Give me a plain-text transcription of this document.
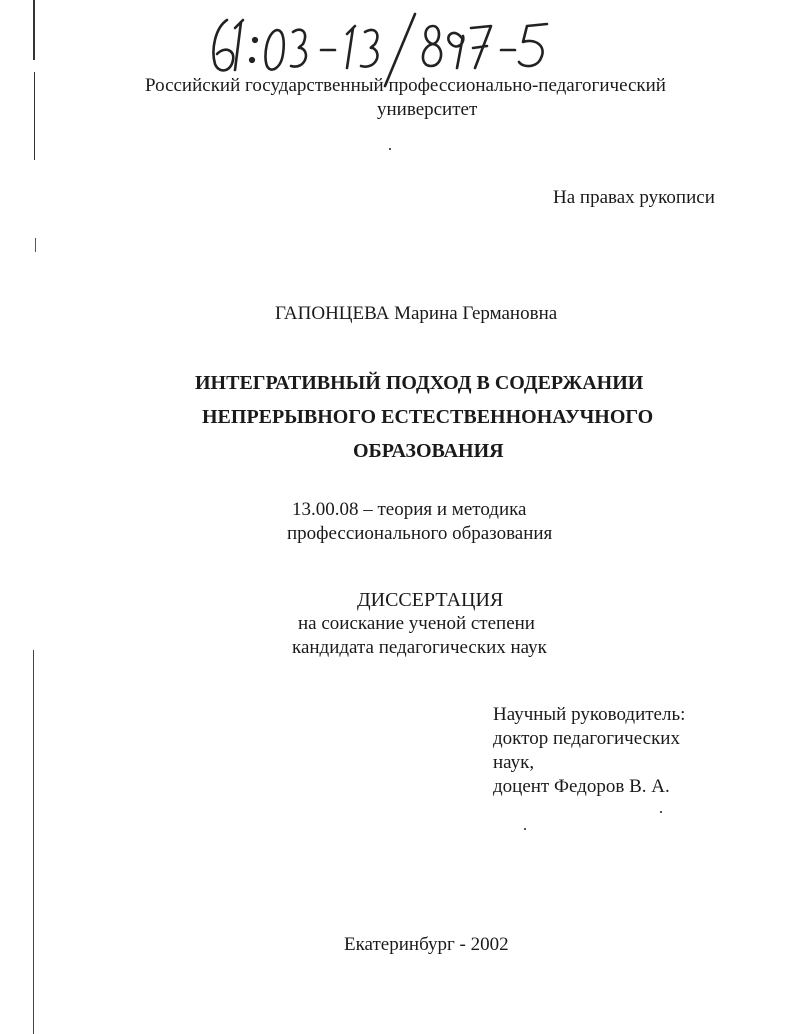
Российский государственный профессионально-педагогический
университет
На правах рукописи
ГАПОНЦЕВА Марина Германовна
ИНТЕГРАТИВНЫЙ ПОДХОД В СОДЕРЖАНИИ
НЕПРЕРЫВНОГО ЕСТЕСТВЕННОНАУЧНОГО
ОБРАЗОВАНИЯ
13.00.08 – теория и методика
профессионального образования
ДИССЕРТАЦИЯ
на соискание ученой степени
кандидата педагогических наук
Научный руководитель:
доктор педагогических
наук,
доцент Федоров В. А.
Екатеринбург - 2002
